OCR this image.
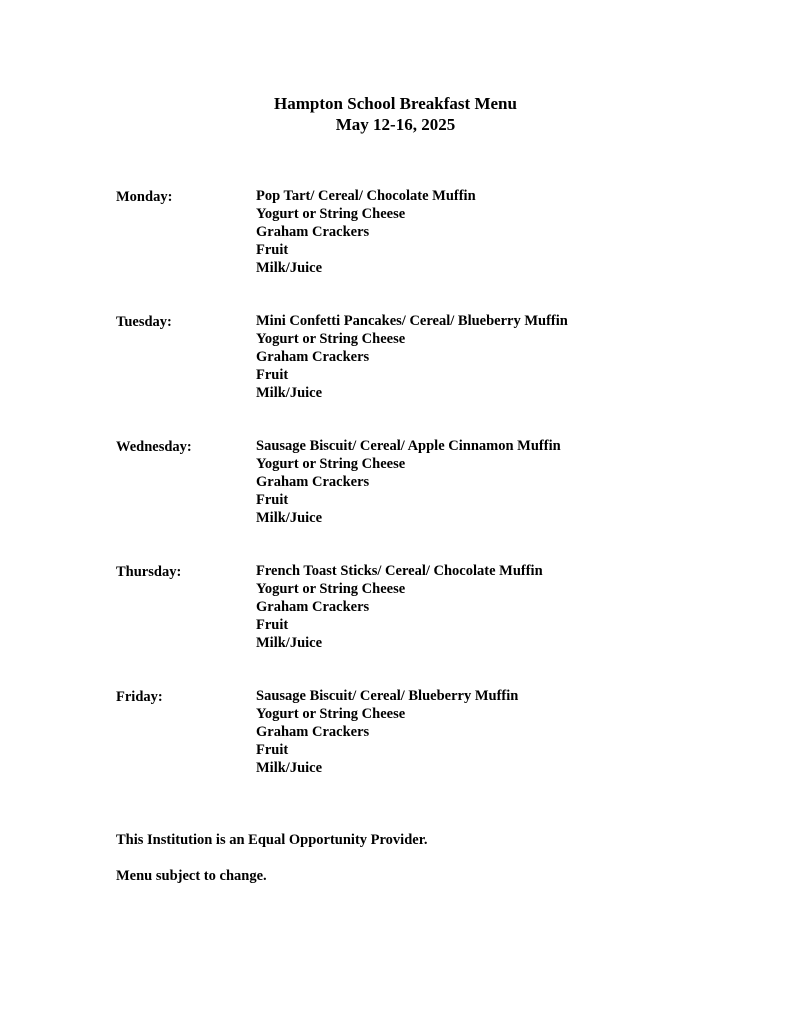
Hampton School Breakfast Menu
May 12-16, 2025
Monday:	Pop Tart/ Cereal/ Chocolate Muffin
Yogurt or String Cheese
Graham Crackers
Fruit
Milk/Juice
Tuesday:	Mini Confetti Pancakes/ Cereal/ Blueberry Muffin
Yogurt or String Cheese
Graham Crackers
Fruit
Milk/Juice
Wednesday:	Sausage Biscuit/ Cereal/ Apple Cinnamon Muffin
Yogurt or String Cheese
Graham Crackers
Fruit
Milk/Juice
Thursday:	French Toast Sticks/ Cereal/ Chocolate Muffin
Yogurt or String Cheese
Graham Crackers
Fruit
Milk/Juice
Friday:	Sausage Biscuit/ Cereal/ Blueberry Muffin
Yogurt or String Cheese
Graham Crackers
Fruit
Milk/Juice
This Institution is an Equal Opportunity Provider.
Menu subject to change.
